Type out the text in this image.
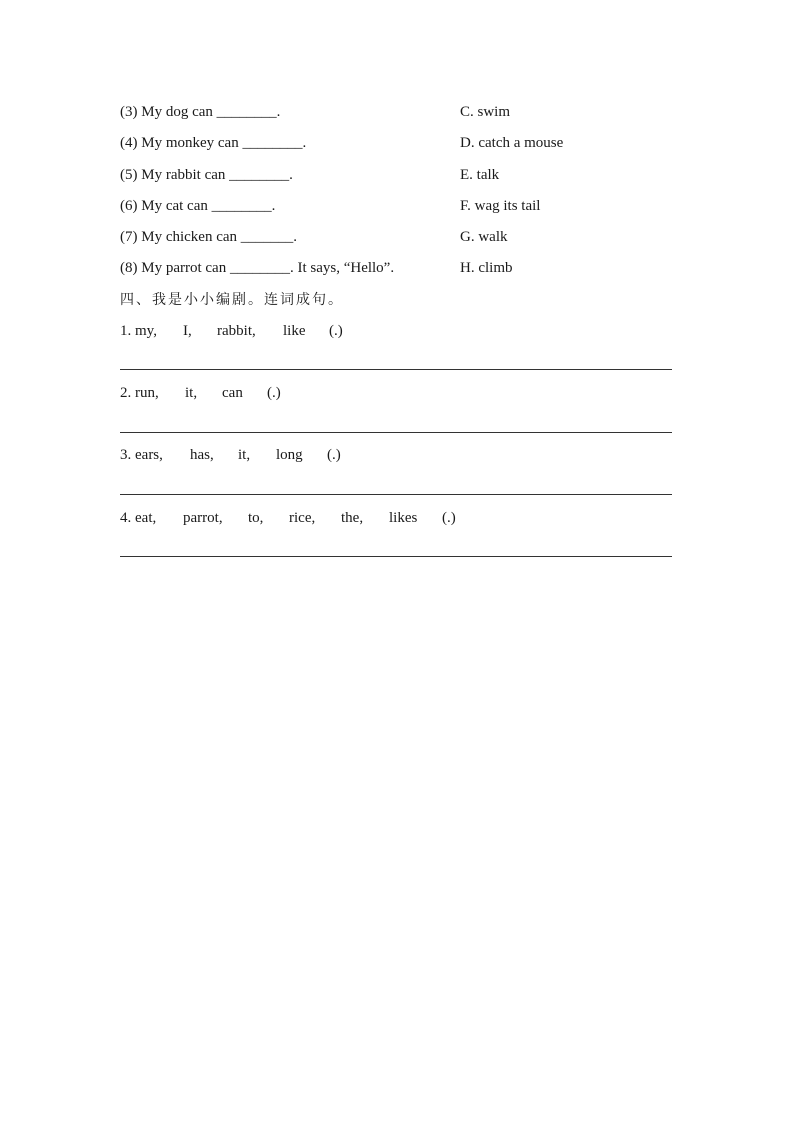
(3) My dog can ________.
(4) My monkey can ________.
(5) My rabbit can ________.
(6) My cat can ________.
(7) My chicken can _______.
(8) My parrot can ________. It says, “Hello”.
C. swim
D. catch a mouse
E. talk
F. wag its tail
G. walk
H. climb
四、我是小小编剧。连词成句。
1. my, I, rabbit, like (.)
2. run, it, can (.)
3. ears, has, it, long (.)
4. eat, parrot, to, rice, the, likes (.)
